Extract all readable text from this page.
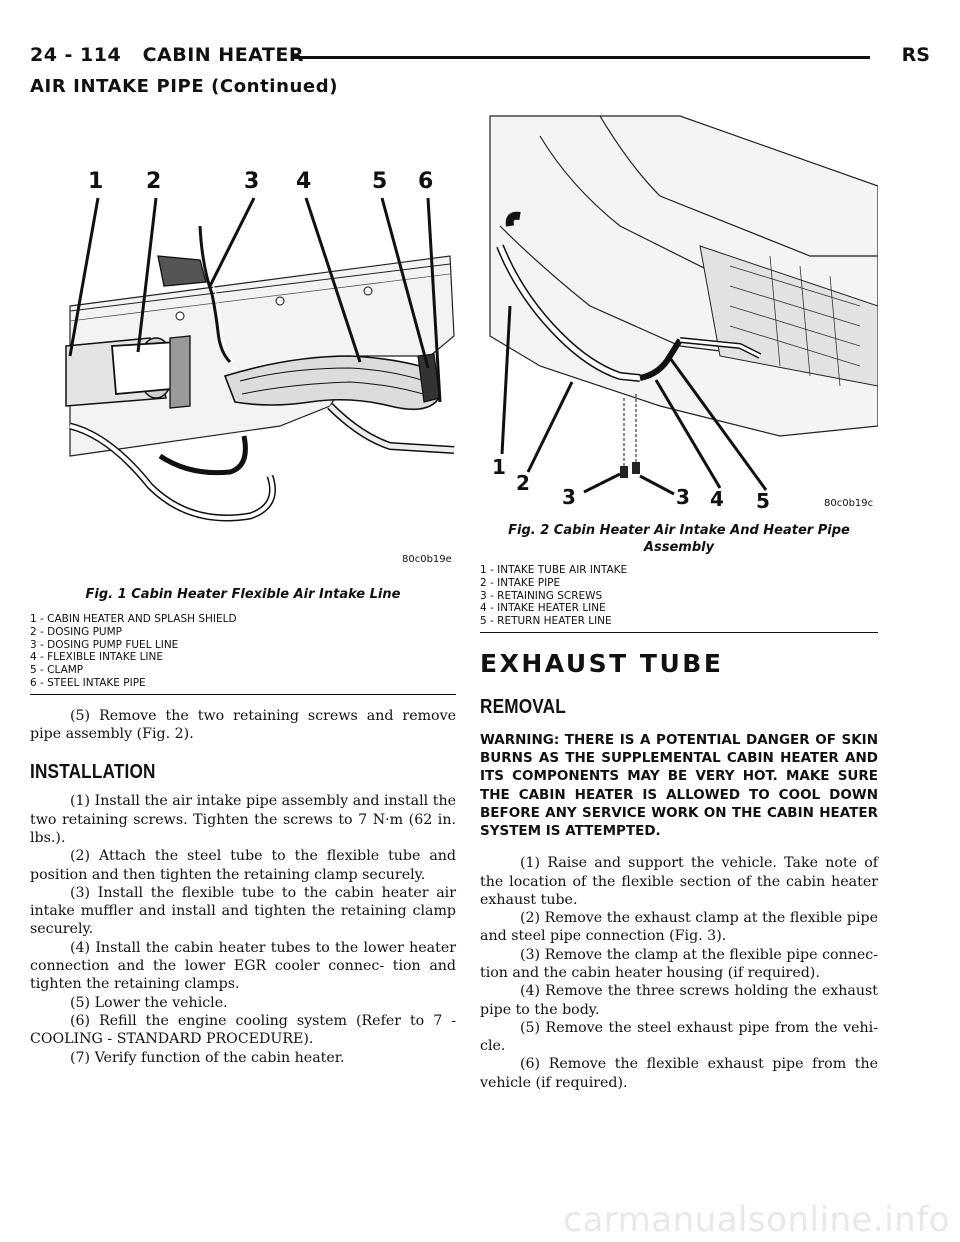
24 - 114 CABIN HEATER	RS
AIR INTAKE PIPE (Continued)
1 2	3 4	5 6
80c0b19e
Fig. 1 Cabin Heater Flexible Air Intake Line
1 - CABIN HEATER AND SPLASH SHIELD
2 - DOSING PUMP
3 - DOSING PUMP FUEL LINE
4 - FLEXIBLE INTAKE LINE
5 - CLAMP
6 - STEEL INTAKE PIPE

(5) Remove the two retaining screws and remove pipe assembly (Fig. 2).

INSTALLATION

(1) Install the air intake pipe assembly and install the two retaining screws. Tighten the screws to 7 N·m (62 in. lbs.).

(2) Attach the steel tube to the flexible tube and position and then tighten the retaining clamp securely.

(3) Install the flexible tube to the cabin heater air intake muffler and install and tighten the retaining clamp securely.

(4) Install the cabin heater tubes to the lower heater connection and the lower EGR cooler connec- tion and tighten the retaining clamps.

(5) Lower the vehicle.

(6) Refill the engine cooling system (Refer to 7 - COOLING - STANDARD PROCEDURE).

(7) Verify function of the cabin heater.

1
2
3	3 4 5	80c0b19c
Fig. 2 Cabin Heater Air Intake And Heater Pipe
Assembly
1 - INTAKE TUBE AIR INTAKE
2 - INTAKE PIPE
3 - RETAINING SCREWS
4 - INTAKE HEATER LINE
5 - RETURN HEATER LINE
EXHAUST TUBE
REMOVAL

WARNING: THERE IS A POTENTIAL DANGER OF SKIN BURNS AS THE SUPPLEMENTAL CABIN HEATER AND ITS COMPONENTS MAY BE VERY HOT. MAKE SURE THE CABIN HEATER IS ALLOWED TO COOL DOWN BEFORE ANY SERVICE WORK ON THE CABIN HEATER SYSTEM IS ATTEMPTED.

(1) Raise and support the vehicle. Take note of the location of the flexible section of the cabin heater exhaust tube.

(2) Remove the exhaust clamp at the flexible pipe and steel pipe connection (Fig. 3).

(3) Remove the clamp at the flexible pipe connec- tion and the cabin heater housing (if required).

(4) Remove the three screws holding the exhaust pipe to the body.

(5) Remove the steel exhaust pipe from the vehi- cle.

(6) Remove the flexible exhaust pipe from the vehicle (if required).

carmanualsonline.info
